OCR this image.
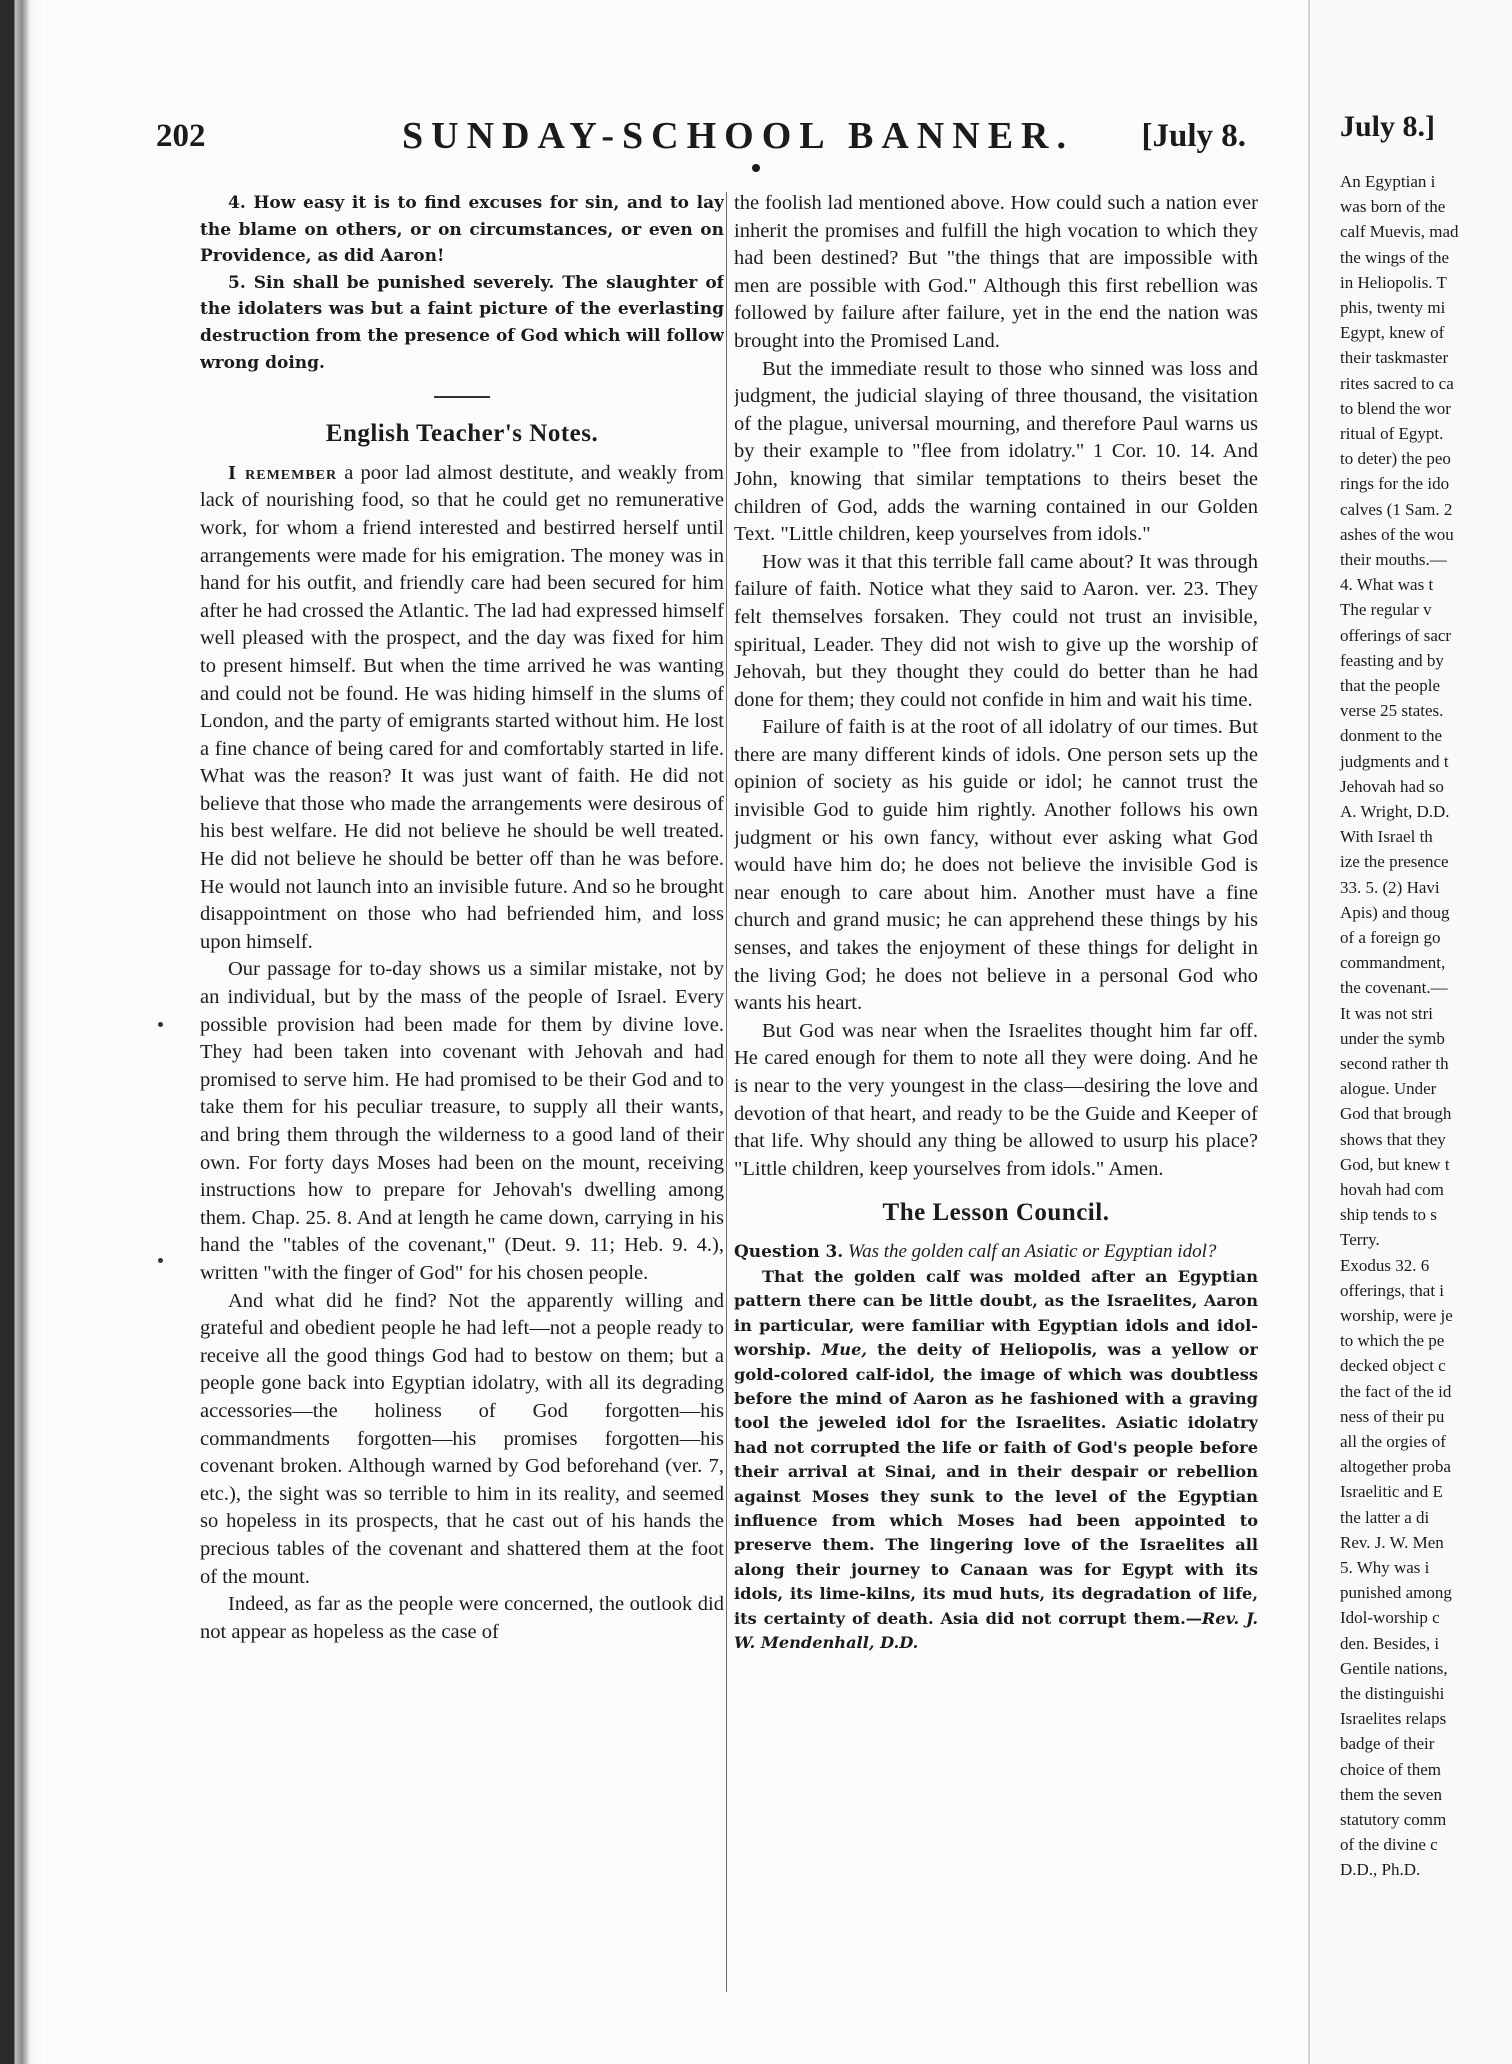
202	SUNDAY-SCHOOL BANNER. [July 8.

4. How easy it is to find excuses for sin, and to lay the blame on others, or on circumstances, or even on Providence, as did Aaron!

5. Sin shall be punished severely. The slaughter of the idolaters was but a faint picture of the everlasting destruction from the presence of God which will follow wrong doing.

English Teacher's Notes.

I remember a poor lad almost destitute, and weakly from lack of nourishing food, so that he could get no remunerative work, for whom a friend interested and bestirred herself until arrangements were made for his emigration. The money was in hand for his outfit, and friendly care had been secured for him after he had crossed the Atlantic. The lad had expressed himself well pleased with the prospect, and the day was fixed for him to present himself. But when the time arrived he was wanting and could not be found. He was hiding himself in the slums of London, and the party of emigrants started without him. He lost a fine chance of being cared for and comfortably started in life. What was the reason? It was just want of faith. He did not believe that those who made the arrangements were desirous of his best welfare. He did not believe he should be well treated. He did not believe he should be better off than he was before. He would not launch into an invisible future. And so he brought disappointment on those who had befriended him, and loss upon himself.

Our passage for to-day shows us a similar mistake, not by an individual, but by the mass of the people of Israel. Every possible provision had been made for them by divine love. They had been taken into covenant with Jehovah and had promised to serve him. He had promised to be their God and to take them for his peculiar treasure, to supply all their wants, and bring them through the wilderness to a good land of their own. For forty days Moses had been on the mount, receiving instructions how to prepare for Jehovah's dwelling among them. Chap. 25. 8. And at length he came down, carrying in his hand the "tables of the covenant," (Deut. 9. 11; Heb. 9. 4.), written "with the finger of God" for his chosen people.

And what did he find? Not the apparently willing and grateful and obedient people he had left—not a people ready to receive all the good things God had to bestow on them; but a people gone back into Egyptian idolatry, with all its degrading accessories—the holiness of God forgotten—his commandments forgotten—his promises forgotten—his covenant broken. Although warned by God beforehand (ver. 7, etc.), the sight was so terrible to him in its reality, and seemed so hopeless in its prospects, that he cast out of his hands the precious tables of the covenant and shattered them at the foot of the mount.

Indeed, as far as the people were concerned, the outlook did not appear as hopeless as the case of

the foolish lad mentioned above. How could such a nation ever inherit the promises and fulfill the high vocation to which they had been destined? But "the things that are impossible with men are possible with God." Although this first rebellion was followed by failure after failure, yet in the end the nation was brought into the Promised Land.

But the immediate result to those who sinned was loss and judgment, the judicial slaying of three thousand, the visitation of the plague, universal mourning, and therefore Paul warns us by their example to "flee from idolatry." 1 Cor. 10. 14. And John, knowing that similar temptations to theirs beset the children of God, adds the warning contained in our Golden Text. "Little children, keep yourselves from idols."

How was it that this terrible fall came about? It was through failure of faith. Notice what they said to Aaron. ver. 23. They felt themselves forsaken. They could not trust an invisible, spiritual, Leader. They did not wish to give up the worship of Jehovah, but they thought they could do better than he had done for them; they could not confide in him and wait his time.

Failure of faith is at the root of all idolatry of our times. But there are many different kinds of idols. One person sets up the opinion of society as his guide or idol; he cannot trust the invisible God to guide him rightly. Another follows his own judgment or his own fancy, without ever asking what God would have him do; he does not believe the invisible God is near enough to care about him. Another must have a fine church and grand music; he can apprehend these things by his senses, and takes the enjoyment of these things for delight in the living God; he does not believe in a personal God who wants his heart.

But God was near when the Israelites thought him far off. He cared enough for them to note all they were doing. And he is near to the very youngest in the class—desiring the love and devotion of that heart, and ready to be the Guide and Keeper of that life. Why should any thing be allowed to usurp his place? "Little children, keep yourselves from idols." Amen.

The Lesson Council.

Question 3. Was the golden calf an Asiatic or Egyptian idol?

That the golden calf was molded after an Egyptian pattern there can be little doubt, as the Israelites, Aaron in particular, were familiar with Egyptian idols and idol-worship. Mue, the deity of Heliopolis, was a yellow or gold-colored calf-idol, the image of which was doubtless before the mind of Aaron as he fashioned with a graving tool the jeweled idol for the Israelites. Asiatic idolatry had not corrupted the life or faith of God's people before their arrival at Sinai, and in their despair or rebellion against Moses they sunk to the level of the Egyptian influence from which Moses had been appointed to preserve them. The lingering love of the Israelites all along their journey to Canaan was for Egypt with its idols, its lime-kilns, its mud huts, its degradation of life, its certainty of death. Asia did not corrupt them.—Rev. J. W. Mendenhall, D.D.

July 8.]
An Egyptian i
was born of the
calf Muevis, mad
the wings of the
in Heliopolis. T
phis, twenty mi
Egypt, knew of
their taskmaster
rites sacred to ca
to blend the wor
ritual of Egypt.
to deter) the peo
rings for the ido
calves (1 Sam. 2
ashes of the wou
their mouths.—
4. What was t
The regular v
offerings of sacr
feasting and by
that the people
verse 25 states.
donment to the
judgments and t
Jehovah had so
A. Wright, D.D.
With Israel th
ize the presence
33. 5. (2) Havi
Apis) and thoug
of a foreign go
commandment,
the covenant.—
It was not stri
under the symb
second rather th
alogue. Under
God that brough
shows that they
God, but knew t
hovah had com
ship tends to s
Terry.
Exodus 32. 6
offerings, that i
worship, were je
to which the pe
decked object c
the fact of the id
ness of their pu
all the orgies of
altogether proba
Israelitic and E
the latter a di
Rev. J. W. Men
5. Why was i
punished among
Idol-worship c
den. Besides, i
Gentile nations,
the distinguishi
Israelites relaps
badge of their
choice of them
them the seven
statutory comm
of the divine c
D.D., Ph.D.
